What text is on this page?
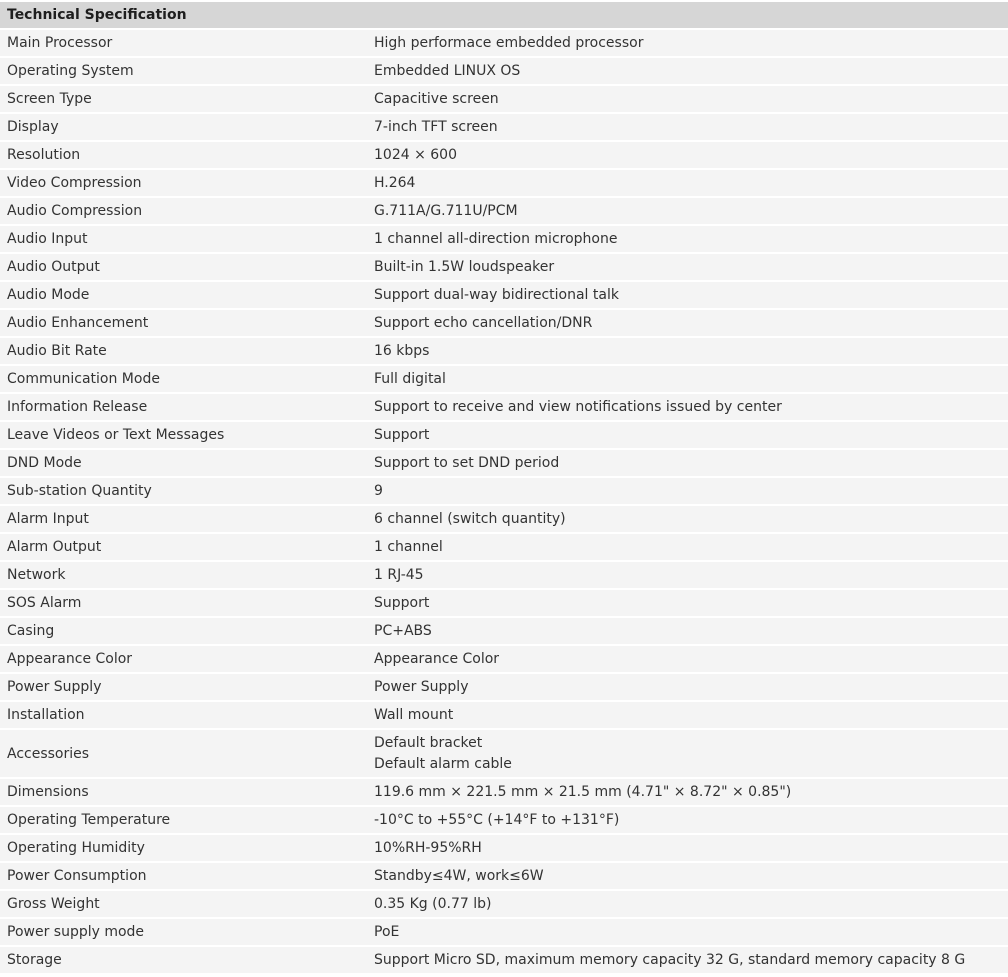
Technical Specification	
Main Processor	High performace embedded processor
Operating System	Embedded LINUX OS
Screen Type	Capacitive screen
Display	7-inch TFT screen
Resolution	1024 × 600
Video Compression	H.264
Audio Compression	G.711A/G.711U/PCM
Audio Input	1 channel all-direction microphone
Audio Output	Built-in 1.5W loudspeaker
Audio Mode	Support dual-way bidirectional talk
Audio Enhancement	Support echo cancellation/DNR
Audio Bit Rate	16 kbps
Communication Mode	Full digital
Information Release	Support to receive and view notifications issued by center
Leave Videos or Text Messages	Support
DND Mode	Support to set DND period
Sub-station Quantity	9
Alarm Input	6 channel (switch quantity)
Alarm Output	1 channel
Network	1 RJ-45
SOS Alarm	Support
Casing	PC+ABS
Appearance Color	Appearance Color
Power Supply	Power Supply
Installation	Wall mount
Accessories	Default bracket
Default alarm cable

Dimensions	119.6 mm × 221.5 mm × 21.5 mm (4.71" × 8.72" × 0.85")
Operating Temperature	-10°C to +55°C (+14°F to +131°F)
Operating Humidity	10%RH-95%RH
Power Consumption	Standby≤4W, work≤6W
Gross Weight	0.35 Kg (0.77 lb)
Power supply mode	PoE
Storage	Support Micro SD, maximum memory capacity 32 G, standard memory capacity 8 G
